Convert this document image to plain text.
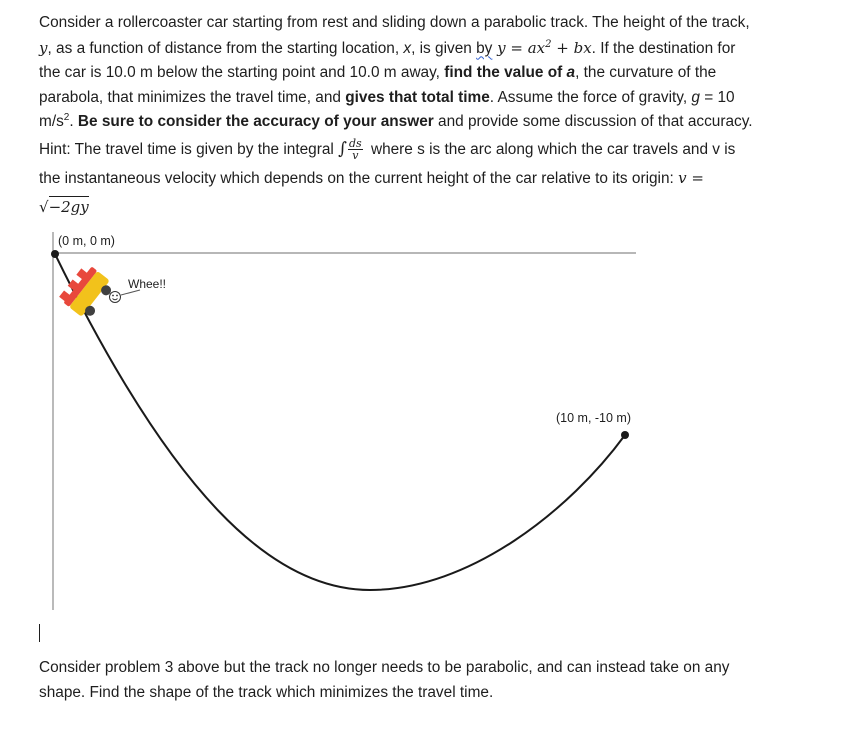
Consider a rollercoaster car starting from rest and sliding down a parabolic track. The height of the track,
y, as a function of distance from the starting location, x, is given by $y = ax^2$ + bx. If the destination for
the car is 10.0 m below the starting point and 10.0 m away, find the value of a, the curvature of the
parabola, that minimizes the travel time, and gives that total time. Assume the force of gravity, g = 10
$m/s^2$. Be sure to consider the accuracy of your answer and provide some discussion of that accuracy.

Hint: The travel time is given by the integral ∫ $\frac{ds}{v}$ where s is the arc along which the car travels and v is
the instantaneous velocity which depends on the current height of the car relative to its origin: v =
√−2gy

(0 m, 0 m)
Whee!!
(10 m, -10 m)

Consider problem 3 above but the track no longer needs to be parabolic, and can instead take on any
shape. Find the shape of the track which minimizes the travel time.
